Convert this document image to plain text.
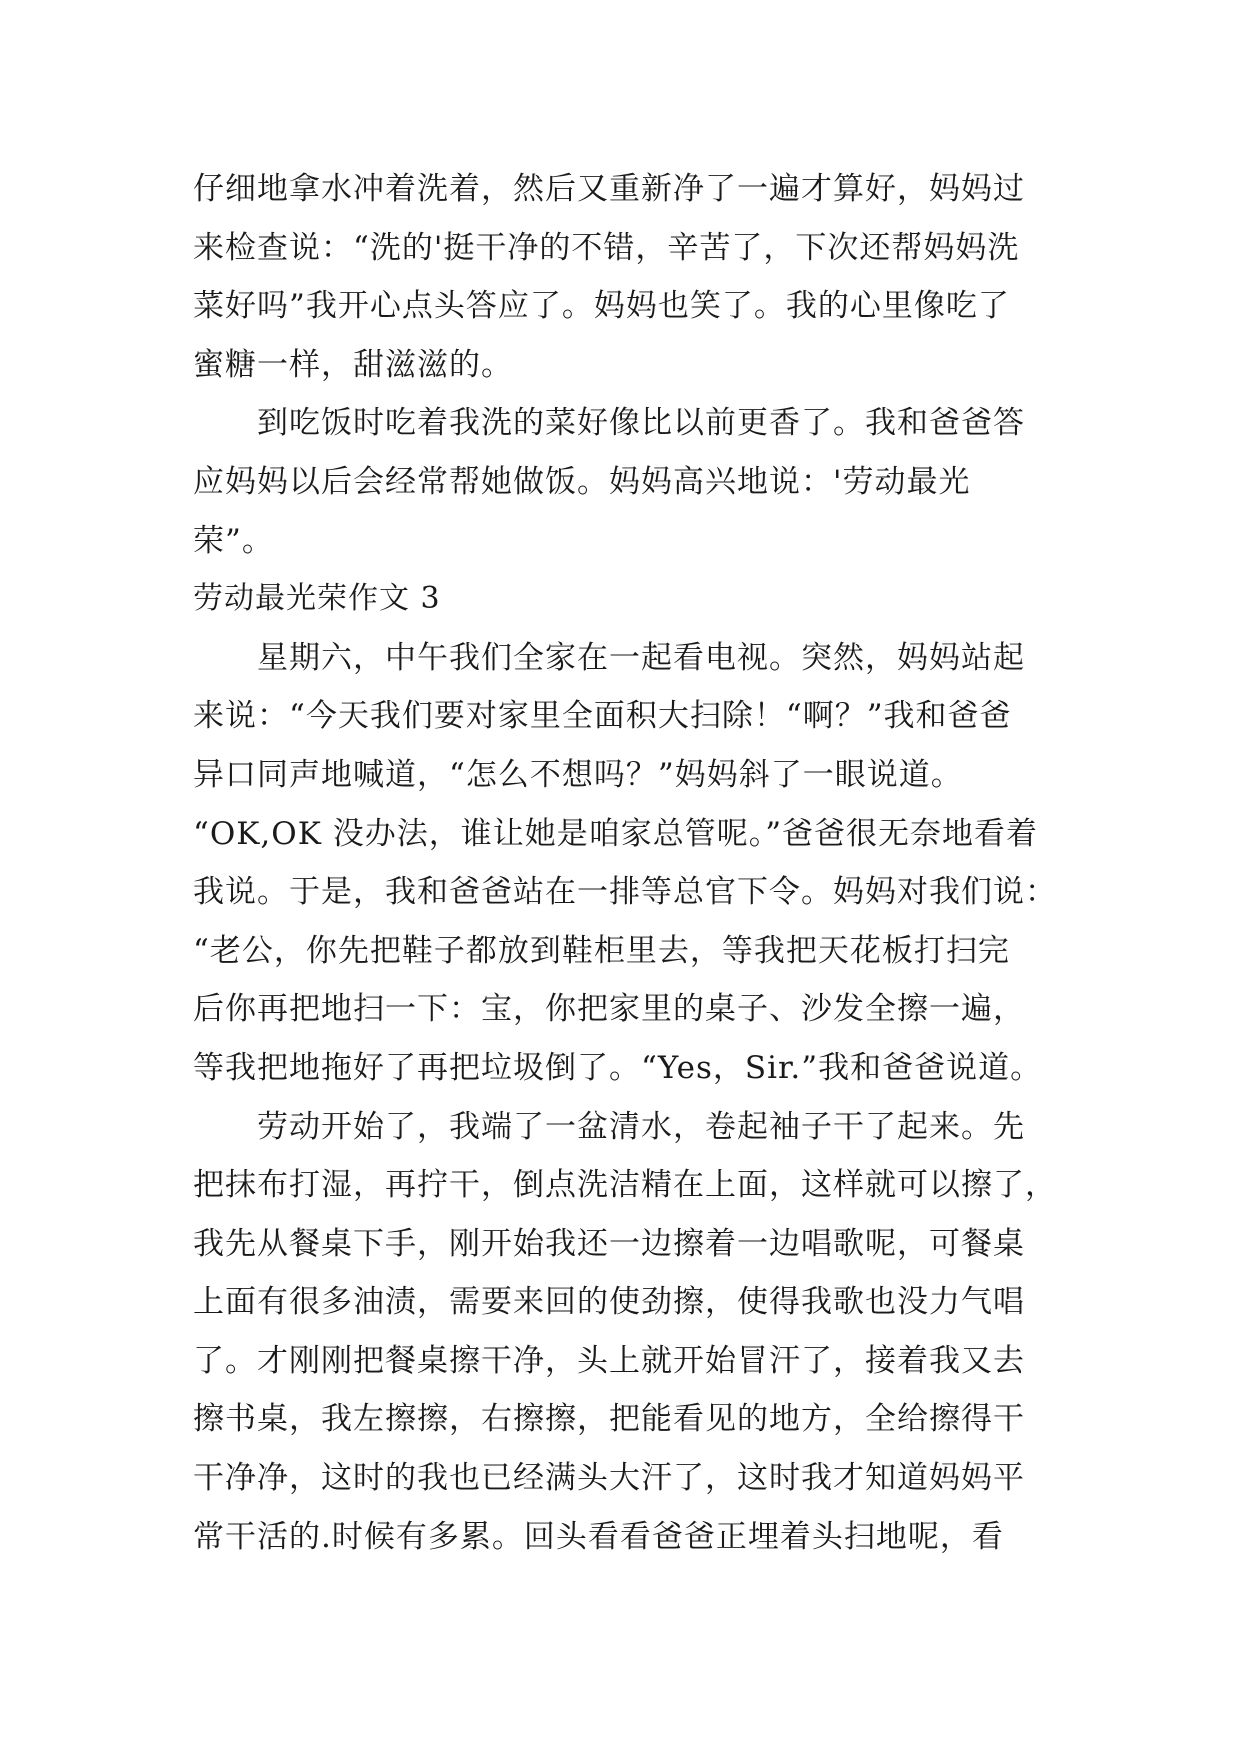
仔细地拿水冲着洗着，然后又重新净了一遍才算好，妈妈过
来检查说：“洗的'挺干净的不错，辛苦了，下次还帮妈妈洗
菜好吗”我开心点头答应了。妈妈也笑了。我的心里像吃了
蜜糖一样，甜滋滋的。
到吃饭时吃着我洗的菜好像比以前更香了。我和爸爸答
应妈妈以后会经常帮她做饭。妈妈高兴地说：'劳动最光
荣”。
劳动最光荣作文 3
星期六，中午我们全家在一起看电视。突然，妈妈站起
来说：“今天我们要对家里全面积大扫除！“啊？”我和爸爸
异口同声地喊道，“怎么不想吗？”妈妈斜了一眼说道。
“OK,OK 没办法，谁让她是咱家总管呢。”爸爸很无奈地看着
我说。于是，我和爸爸站在一排等总官下令。妈妈对我们说：
“老公，你先把鞋子都放到鞋柜里去，等我把天花板打扫完
后你再把地扫一下：宝，你把家里的桌子、沙发全擦一遍，
等我把地拖好了再把垃圾倒了。“Yes，Sir.”我和爸爸说道。
劳动开始了，我端了一盆清水，卷起袖子干了起来。先
把抹布打湿，再拧干，倒点洗洁精在上面，这样就可以擦了，
我先从餐桌下手，刚开始我还一边擦着一边唱歌呢，可餐桌
上面有很多油渍，需要来回的使劲擦，使得我歌也没力气唱
了。才刚刚把餐桌擦干净，头上就开始冒汗了，接着我又去
擦书桌，我左擦擦，右擦擦，把能看见的地方，全给擦得干
干净净，这时的我也已经满头大汗了，这时我才知道妈妈平
常干活的.时候有多累。回头看看爸爸正埋着头扫地呢，看
